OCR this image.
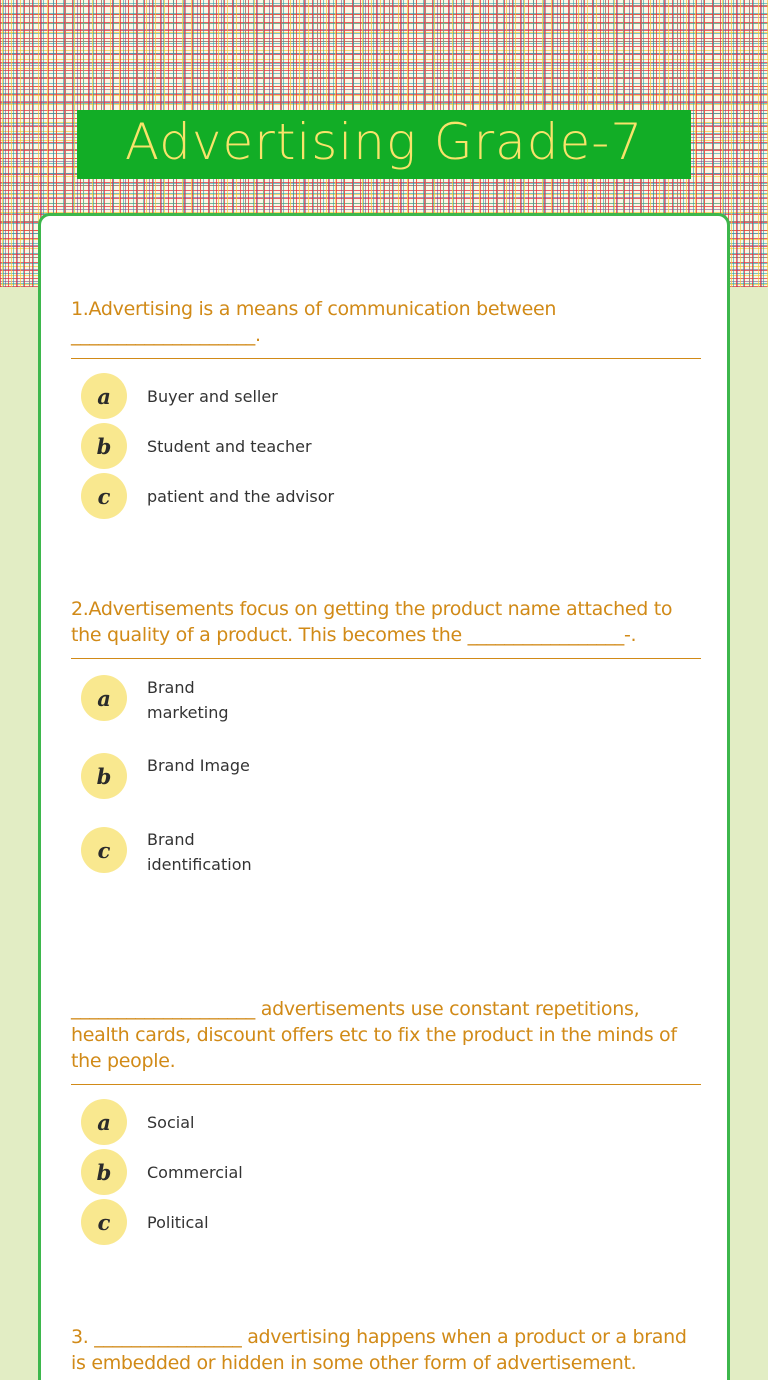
Advertising Grade-7
1.Advertising is a means of communication between ____________________.
a	Buyer and seller
b	Student and teacher
c	patient and the advisor
2.Advertisements focus on getting the product name attached to the quality of a product. This becomes the _________________-.
a	Brand marketing
b	Brand Image
c	Brand identification
____________________ advertisements use constant repetitions, health cards, discount offers etc to fix the product in the minds of the people.
a	Social
b	Commercial
c	Political
3. ________________ advertising happens when a product or a brand is embedded or hidden in some other form of advertisement.
